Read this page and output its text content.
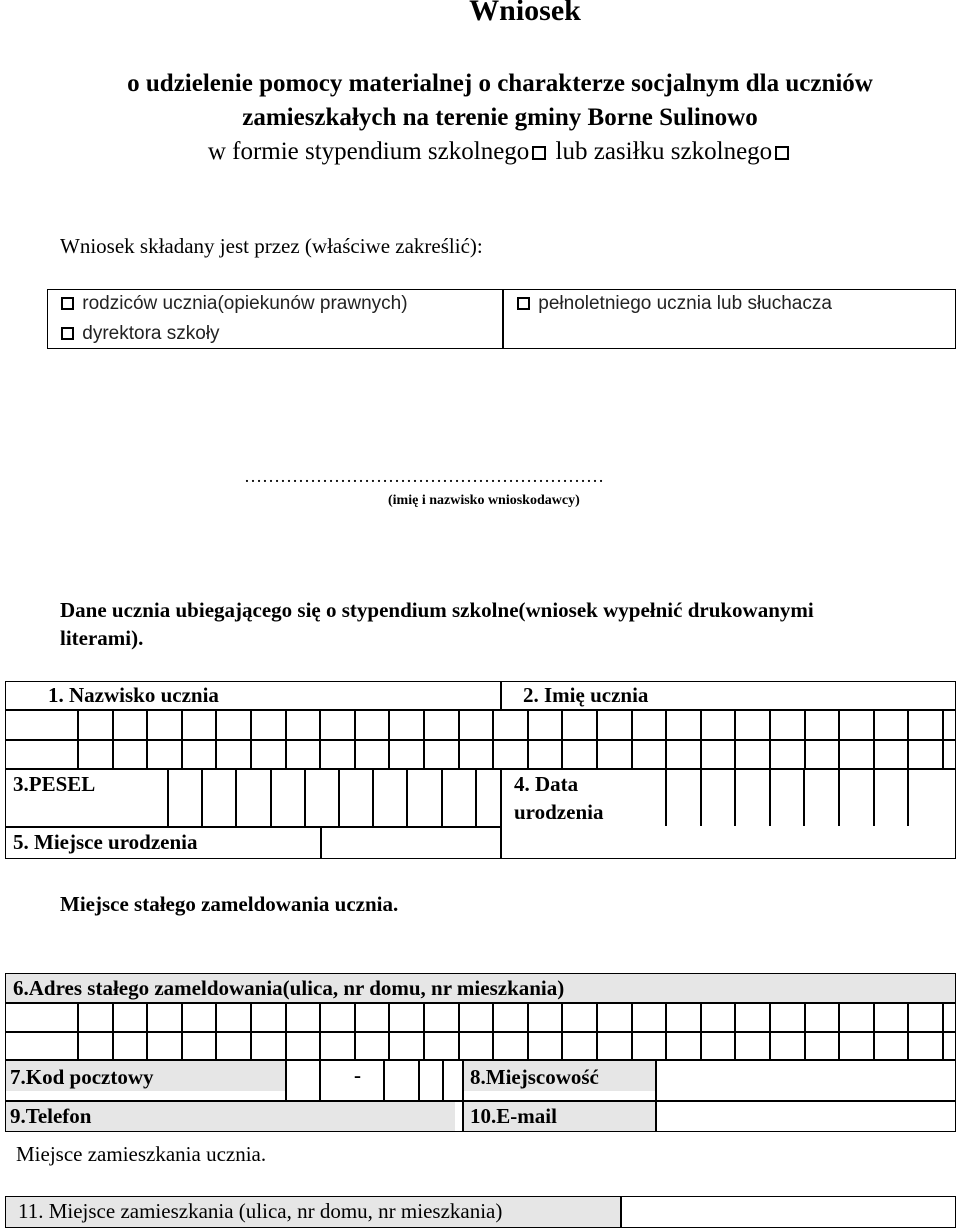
Wniosek
o udzielenie pomocy materialnej o charakterze socjalnym dla uczniów
zamieszkałych na terenie gminy Borne Sulinowo
w formie stypendium szkolnego lub zasiłku szkolnego
Wniosek składany jest przez (właściwe zakreślić):
rodziców ucznia(opiekunów prawnych)	pełnoletniego ucznia lub słuchacza
dyrektora szkoły
……………………………………………………
(imię i nazwisko wnioskodawcy)
Dane ucznia ubiegającego się o stypendium szkolne(wniosek wypełnić drukowanymi
literami).
1. Nazwisko ucznia	2. Imię ucznia
3.PESEL	4. Data
urodzenia
5. Miejsce urodzenia
Miejsce stałego zameldowania ucznia.
6.Adres stałego zameldowania(ulica, nr domu, nr mieszkania)
7.Kod pocztowy	-	8.Miejscowość
9.Telefon	10.E-mail
Miejsce zamieszkania ucznia.
11. Miejsce zamieszkania (ulica, nr domu, nr mieszkania)
